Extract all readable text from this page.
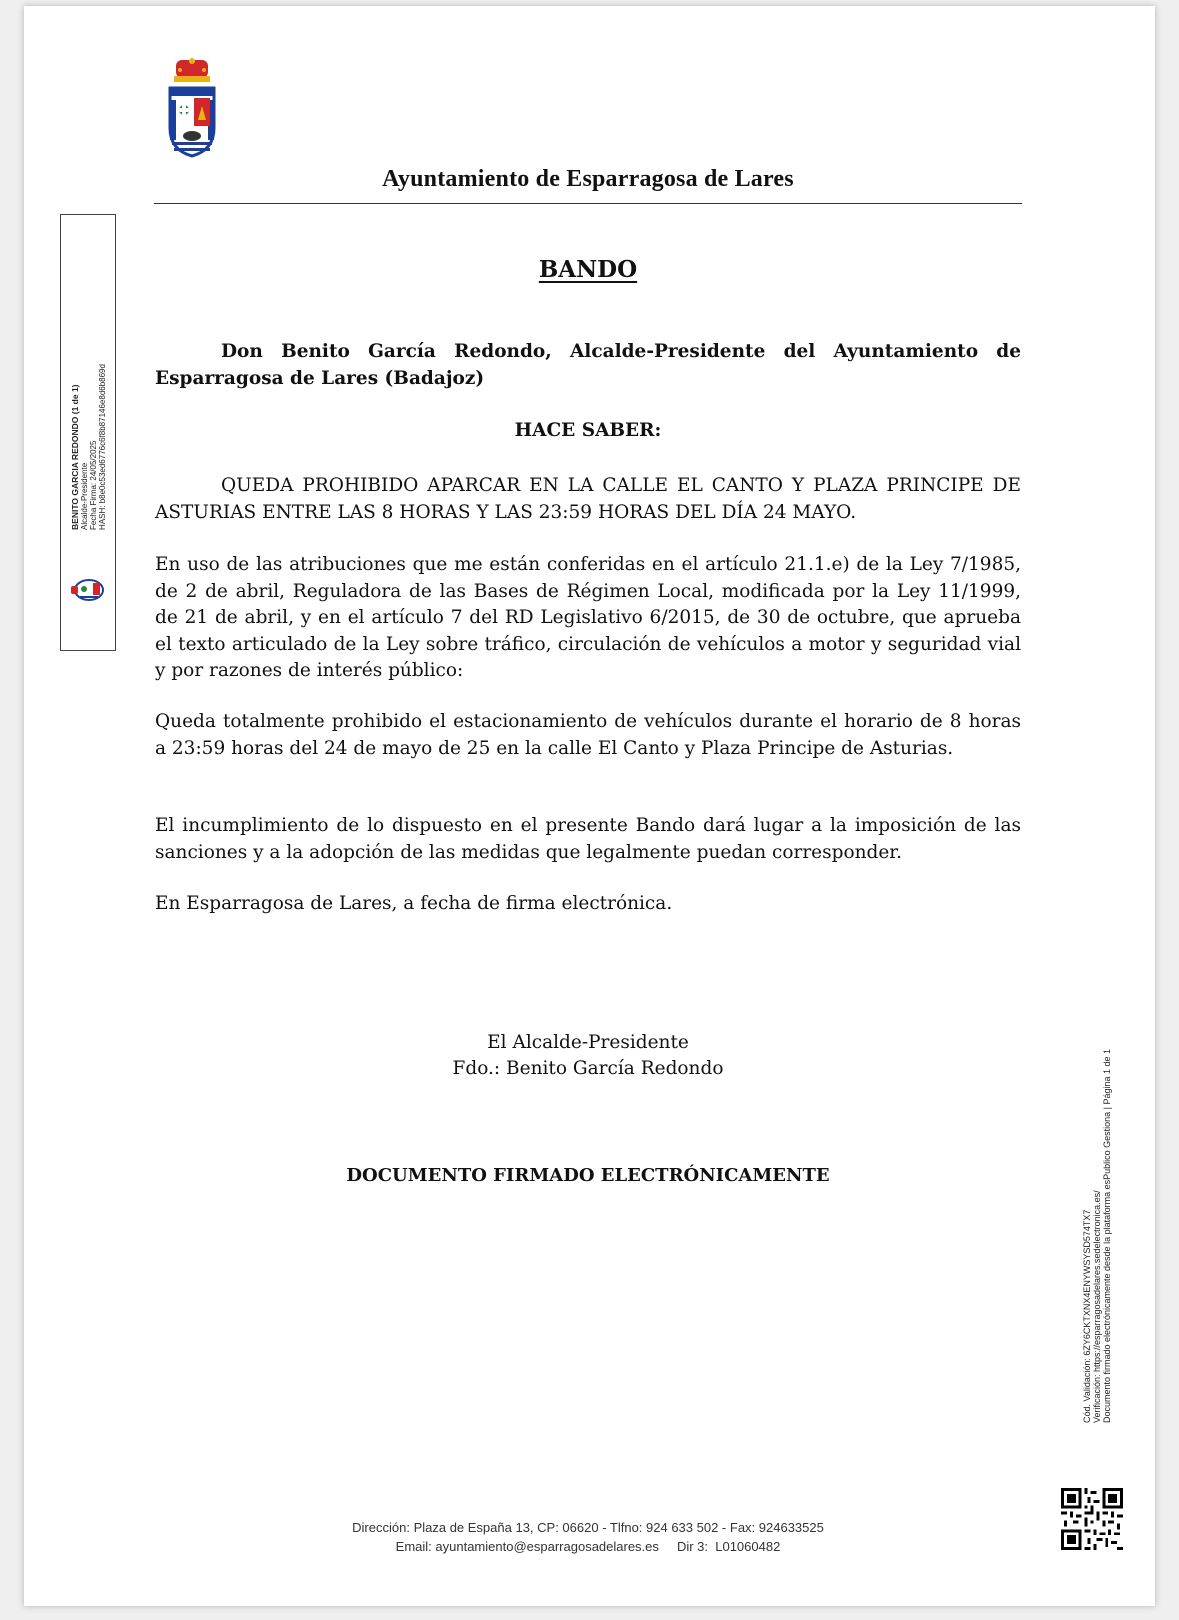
Ayuntamiento de Esparragosa de Lares
BENITO GARCIA REDONDO (1 de 1) Alcalde-Presidente Fecha Firma: 24/05/2025 HASH: b8e0c53ed6776c6f8b87146e8d6b869d
BANDO
Don Benito García Redondo, Alcalde-Presidente del Ayuntamiento de Esparragosa de Lares (Badajoz)
HACE SABER:
QUEDA PROHIBIDO APARCAR EN LA CALLE EL CANTO Y PLAZA PRINCIPE DE ASTURIAS ENTRE LAS 8 HORAS Y LAS 23:59 HORAS DEL DÍA 24 MAYO.
En uso de las atribuciones que me están conferidas en el artículo 21.1.e) de la Ley 7/1985, de 2 de abril, Reguladora de las Bases de Régimen Local, modificada por la Ley 11/1999, de 21 de abril, y en el artículo 7 del RD Legislativo 6/2015, de 30 de octubre, que aprueba el texto articulado de la Ley sobre tráfico, circulación de vehículos a motor y seguridad vial y por razones de interés público:
Queda totalmente prohibido el estacionamiento de vehículos durante el horario de 8 horas a 23:59 horas del 24 de mayo de 25 en la calle El Canto y Plaza Principe de Asturias.
El incumplimiento de lo dispuesto en el presente Bando dará lugar a la imposición de las sanciones y a la adopción de las medidas que legalmente puedan corresponder.
En Esparragosa de Lares, a fecha de firma electrónica.
El Alcalde-Presidente
Fdo.: Benito García Redondo
DOCUMENTO FIRMADO ELECTRÓNICAMENTE
Cód. Validación: 6ZY6CKTXNX4ENYWSYSD574TX7 Verificación: https://esparragosadelares.sedelectronica.es/ Documento firmado electrónicamente desde la plataforma esPublico Gestiona | Página 1 de 1
Dirección: Plaza de España 13, CP: 06620 - Tlfno: 924 633 502 - Fax: 924633525
Email: ayuntamiento@esparragosadelares.es     Dir 3:  L01060482
